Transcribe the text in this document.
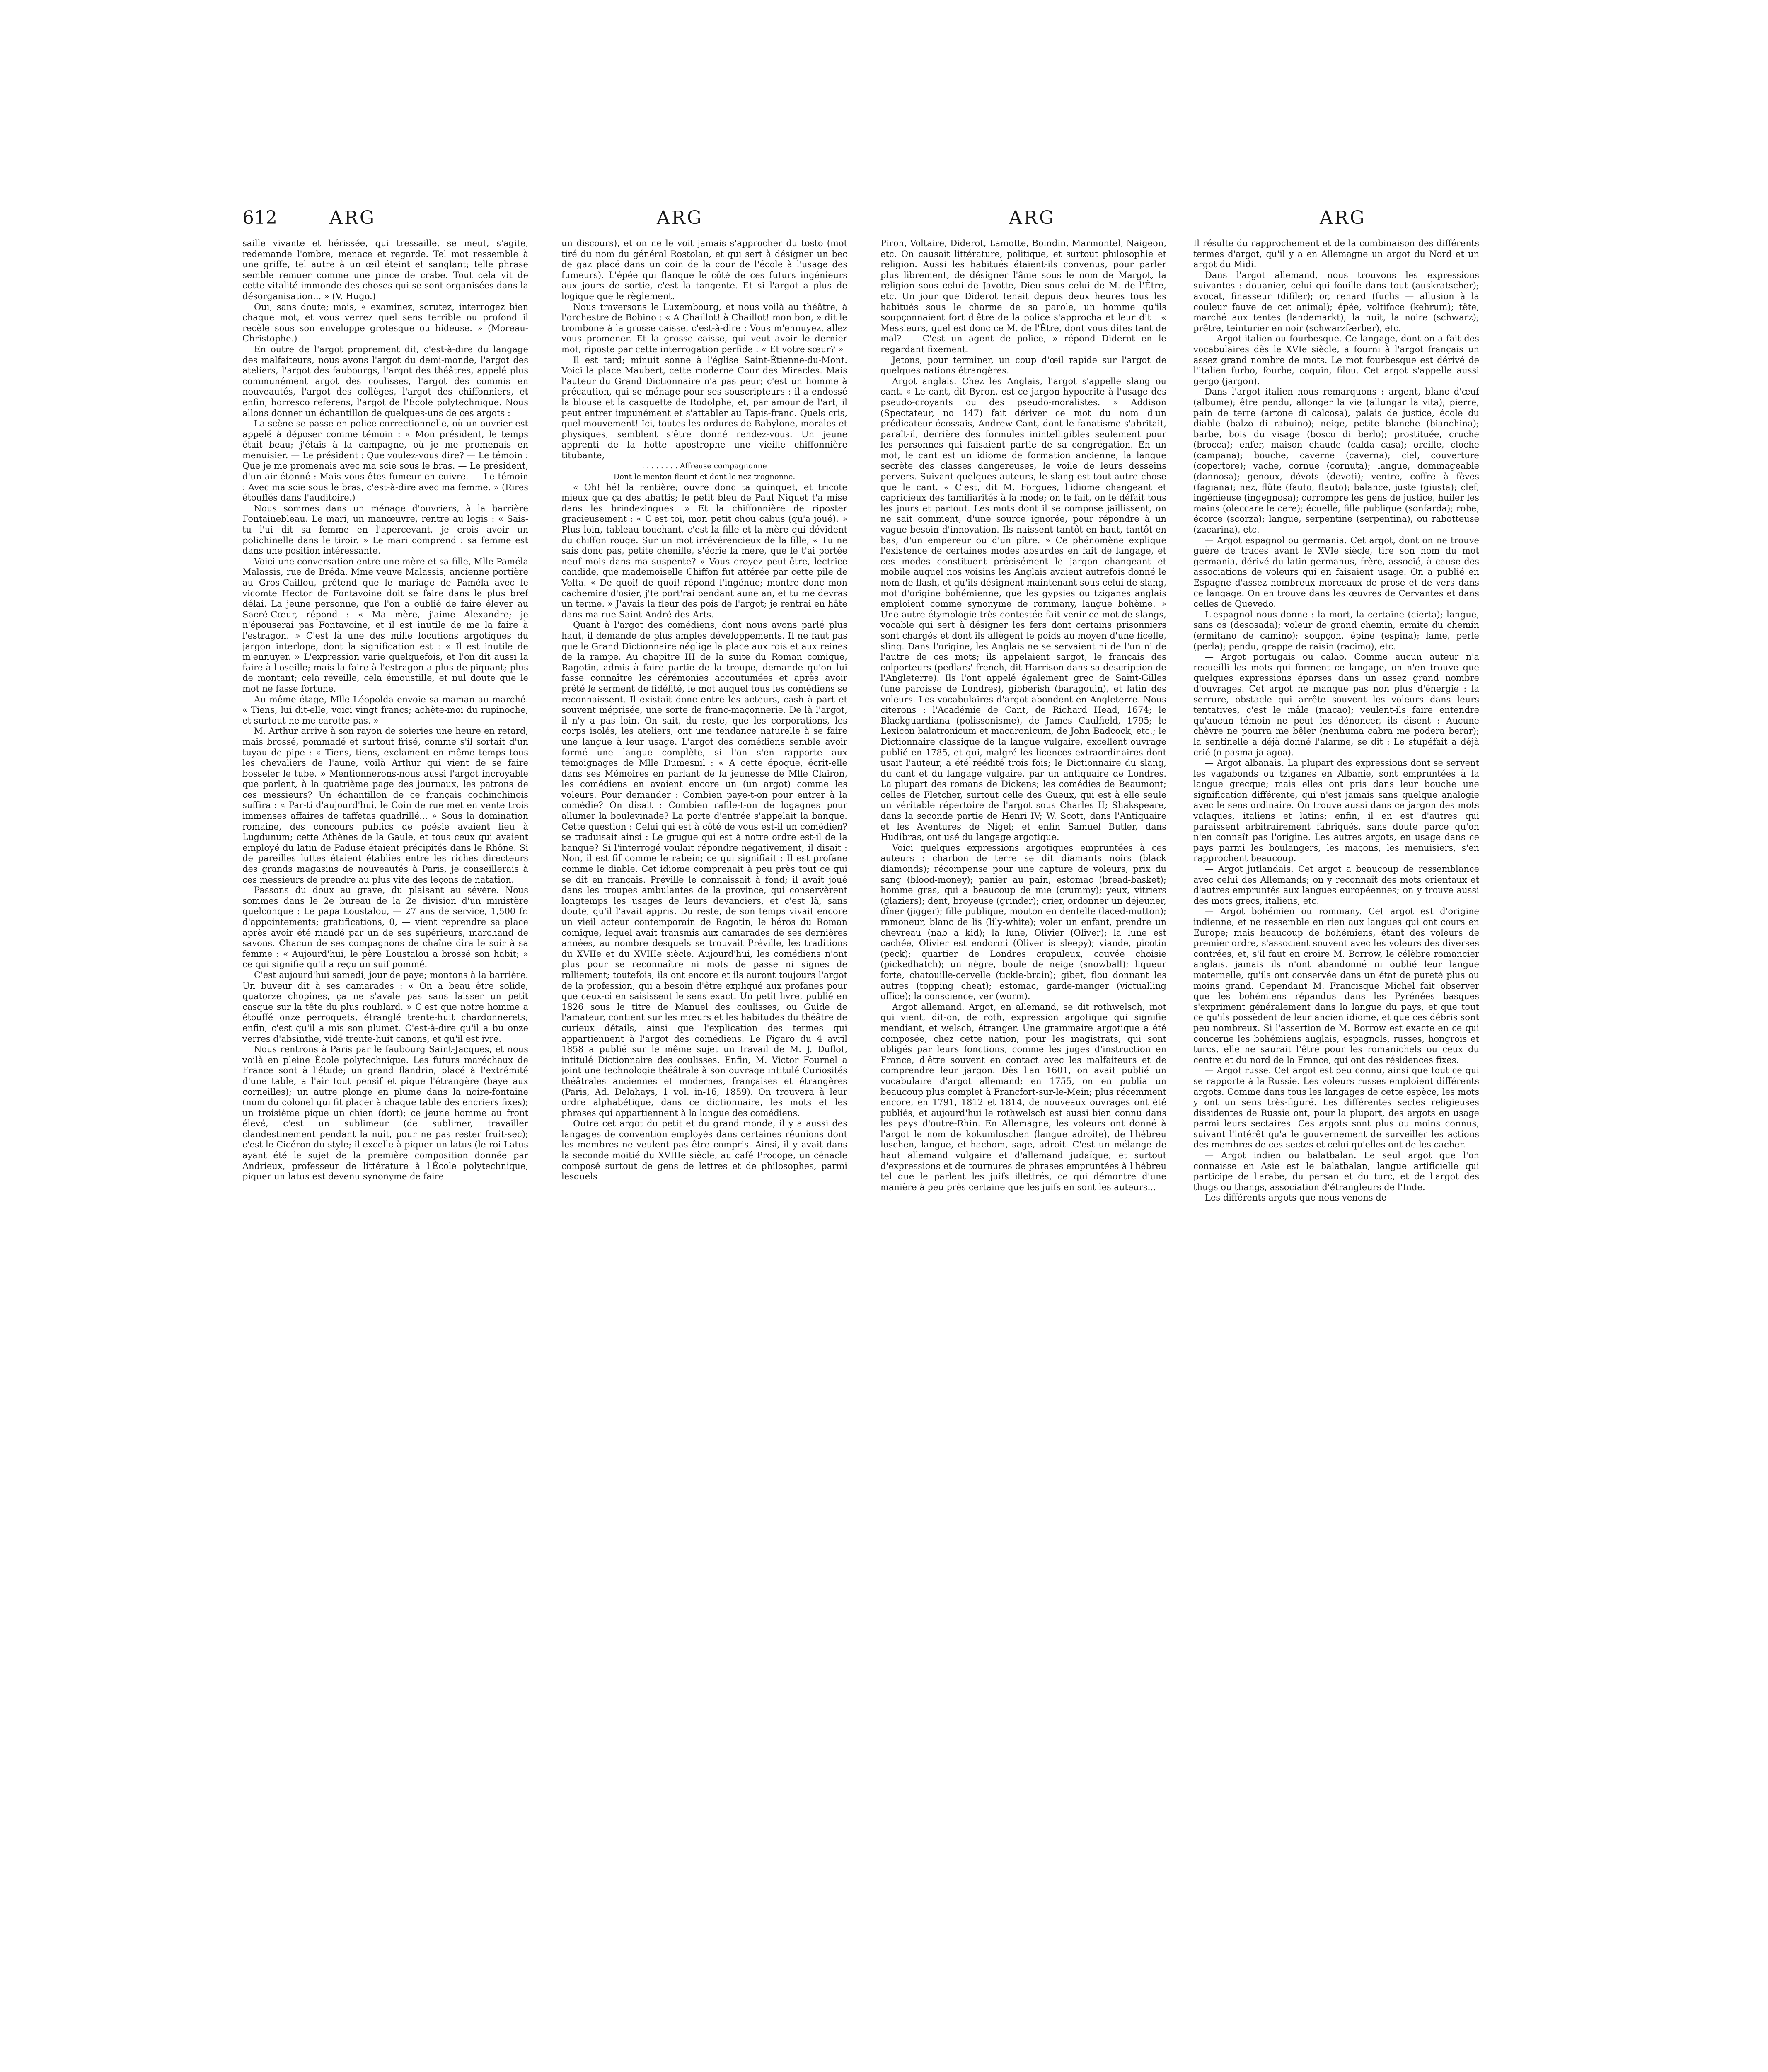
612	ARG	ARG	ARG	ARG

saille vivante et hérissée, qui tressaille, se meut, s'agite, redemande l'ombre, menace et regarde. Tel mot ressemble à une griffe, tel autre à un œil éteint et sanglant; telle phrase semble remuer comme une pince de crabe. Tout cela vit de cette vitalité immonde des choses qui se sont organisées dans la désorganisation... » (V. Hugo.)

Oui, sans doute; mais, « examinez, scrutez, interrogez bien chaque mot, et vous verrez quel sens terrible ou profond il recèle sous son enveloppe grotesque ou hideuse. » (Moreau-Christophe.)

En outre de l'argot proprement dit, c'est-à-dire du langage des malfaiteurs, nous avons l'argot du demi-monde, l'argot des ateliers, l'argot des faubourgs, l'argot des théâtres, appelé plus communément argot des coulisses, l'argot des commis en nouveautés, l'argot des collèges, l'argot des chiffonniers, et enfin, horresco referens, l'argot de l'École polytechnique. Nous allons donner un échantillon de quelques-uns de ces argots :

La scène se passe en police correctionnelle, où un ouvrier est appelé à déposer comme témoin : « Mon président, le temps était beau; j'étais à la campagne, où je me promenais en menuisier. — Le président : Que voulez-vous dire? — Le témoin : Que je me promenais avec ma scie sous le bras. — Le président, d'un air étonné : Mais vous êtes fumeur en cuivre. — Le témoin : Avec ma scie sous le bras, c'est-à-dire avec ma femme. » (Rires étouffés dans l'auditoire.)

Nous sommes dans un ménage d'ouvriers, à la barrière Fontainebleau. Le mari, un manœuvre, rentre au logis : « Sais-tu l'ui dit sa femme en l'apercevant, je crois avoir un polichinelle dans le tiroir. » Le mari comprend : sa femme est dans une position intéressante.

Voici une conversation entre une mère et sa fille, Mlle Paméla Malassis, rue de Bréda. Mme veuve Malassis, ancienne portière au Gros-Caillou, prétend que le mariage de Paméla avec le vicomte Hector de Fontavoine doit se faire dans le plus bref délai. La jeune personne, que l'on a oublié de faire élever au Sacré-Cœur, répond : « Ma mère, j'aime Alexandre; je n'épouserai pas Fontavoine, et il est inutile de me la faire à l'estragon. » C'est là une des mille locutions argotiques du jargon interlope, dont la signification est : « Il est inutile de m'ennuyer. » L'expression varie quelquefois, et l'on dit aussi la faire à l'oseille; mais la faire à l'estragon a plus de piquant; plus de montant; cela réveille, cela émoustille, et nul doute que le mot ne fasse fortune.

Au même étage, Mlle Léopolda envoie sa maman au marché. « Tiens, lui dit-elle, voici vingt francs; achète-moi du rupinoche, et surtout ne me carotte pas. »

M. Arthur arrive à son rayon de soieries une heure en retard, mais brossé, pommadé et surtout frisé, comme s'il sortait d'un tuyau de pipe : « Tiens, tiens, exclament en même temps tous les chevaliers de l'aune, voilà Arthur qui vient de se faire bosseler le tube. » Mentionnerons-nous aussi l'argot incroyable que parlent, à la quatrième page des journaux, les patrons de ces messieurs? Un échantillon de ce français cochinchinois suffira : « Par-ti d'aujourd'hui, le Coin de rue met en vente trois immenses affaires de taffetas quadrillé... » Sous la domination romaine, des concours publics de poésie avaient lieu à Lugdunum; cette Athènes de la Gaule, et tous ceux qui avaient employé du latin de Paduse étaient précipités dans le Rhône. Si de pareilles luttes étaient établies entre les riches directeurs des grands magasins de nouveautés à Paris, je conseillerais à ces messieurs de prendre au plus vite des leçons de natation.

Passons du doux au grave, du plaisant au sévère. Nous sommes dans le 2e bureau de la 2e division d'un ministère quelconque : Le papa Loustalou, — 27 ans de service, 1,500 fr. d'appointements; gratifications, 0, — vient reprendre sa place après avoir été mandé par un de ses supérieurs, marchand de savons. Chacun de ses compagnons de chaîne dira le soir à sa femme : « Aujourd'hui, le père Loustalou a brossé son habit; » ce qui signifie qu'il a reçu un suif pommé.

C'est aujourd'hui samedi, jour de paye; montons à la barrière. Un buveur dit à ses camarades : « On a beau être solide, quatorze chopines, ça ne s'avale pas sans laisser un petit casque sur la tête du plus roublard. » C'est que notre homme a étouffé onze perroquets, étranglé trente-huit chardonnerets; enfin, c'est qu'il a mis son plumet. C'est-à-dire qu'il a bu onze verres d'absinthe, vidé trente-huit canons, et qu'il est ivre.

Nous rentrons à Paris par le faubourg Saint-Jacques, et nous voilà en pleine École polytechnique. Les futurs maréchaux de France sont à l'étude; un grand flandrin, placé à l'extrémité d'une table, a l'air tout pensif et pique l'étrangère (baye aux corneilles); un autre plonge en plume dans la noire-fontaine (nom du colonel qui fit placer à chaque table des encriers fixes); un troisième pique un chien (dort); ce jeune homme au front élevé, c'est un sublimeur (de sublimer, travailler clandestinement pendant la nuit, pour ne pas rester fruit-sec); c'est le Cicéron du style; il excelle à piquer un latus (le roi Latus ayant été le sujet de la première composition donnée par Andrieux, professeur de littérature à l'École polytechnique, piquer un latus est devenu synonyme de faire

un discours), et on ne le voit jamais s'approcher du tosto (mot tiré du nom du général Rostolan, et qui sert à désigner un bec de gaz placé dans un coin de la cour de l'école à l'usage des fumeurs). L'épée qui flanque le côté de ces futurs ingénieurs aux jours de sortie, c'est la tangente. Et si l'argot a plus de logique que le règlement.

Nous traversons le Luxembourg, et nous voilà au théâtre, à l'orchestre de Bobino : « A Chaillot! à Chaillot! mon bon, » dit le trombone à la grosse caisse, c'est-à-dire : Vous m'ennuyez, allez vous promener. Et la grosse caisse, qui veut avoir le dernier mot, riposte par cette interrogation perfide : « Et votre sœur? »

Il est tard; minuit sonne à l'église Saint-Étienne-du-Mont. Voici la place Maubert, cette moderne Cour des Miracles. Mais l'auteur du Grand Dictionnaire n'a pas peur; c'est un homme à précaution, qui se ménage pour ses souscripteurs : il a endossé la blouse et la casquette de Rodolphe, et, par amour de l'art, il peut entrer impunément et s'attabler au Tapis-franc. Quels cris, quel mouvement! Ici, toutes les ordures de Babylone, morales et physiques, semblent s'être donné rendez-vous. Un jeune apprenti de la hotte apostrophe une vieille chiffonnière titubante,

. . . . . . . . Affreuse compagnonne

Dont le menton fleurit et dont le nez trognonne.

« Oh! hé! la rentière; ouvre donc ta quinquet, et tricote mieux que ça des abattis; le petit bleu de Paul Niquet t'a mise dans les brindezingues. » Et la chiffonnière de riposter gracieusement : « C'est toi, mon petit chou cabus (qu'a joué). » Plus loin, tableau touchant, c'est la fille et la mère qui dévident du chiffon rouge. Sur un mot irrévérencieux de la fille, « Tu ne sais donc pas, petite chenille, s'écrie la mère, que le t'ai portée neuf mois dans ma suspente? » Vous croyez peut-être, lectrice candide, que mademoiselle Chiffon fut attérée par cette pile de Volta. « De quoi! de quoi! répond l'ingénue; montre donc mon cachemire d'osier, j'te port'rai pendant aune an, et tu me devras un terme. » J'avais la fleur des pois de l'argot; je rentrai en hâte dans ma rue Saint-André-des-Arts.

Quant à l'argot des comédiens, dont nous avons parlé plus haut, il demande de plus amples développements. Il ne faut pas que le Grand Dictionnaire néglige la place aux rois et aux reines de la rampe. Au chapitre III de la suite du Roman comique, Ragotin, admis à faire partie de la troupe, demande qu'on lui fasse connaître les cérémonies accoutumées et après avoir prêté le serment de fidélité, le mot auquel tous les comédiens se reconnaissent. Il existait donc entre les acteurs, cash à part et souvent méprisée, une sorte de franc-maçonnerie. De là l'argot, il n'y a pas loin. On sait, du reste, que les corporations, les corps isolés, les ateliers, ont une tendance naturelle à se faire une langue à leur usage. L'argot des comédiens semble avoir formé une langue complète, si l'on s'en rapporte aux témoignages de Mlle Dumesnil : « A cette époque, écrit-elle dans ses Mémoires en parlant de la jeunesse de Mlle Clairon, les comédiens en avaient encore un (un argot) comme les voleurs. Pour demander : Combien paye-t-on pour entrer à la comédie? On disait : Combien rafile-t-on de logagnes pour allumer la boulevinade? La porte d'entrée s'appelait la banque. Cette question : Celui qui est à côté de vous est-il un comédien? se traduisait ainsi : Le grugue qui est à notre ordre est-il de la banque? Si l'interrogé voulait répondre négativement, il disait : Non, il est fif comme le rabein; ce qui signifiait : Il est profane comme le diable. Cet idiome comprenait à peu près tout ce qui se dit en français. Préville le connaissait à fond; il avait joué dans les troupes ambulantes de la province, qui conservèrent longtemps les usages de leurs devanciers, et c'est là, sans doute, qu'il l'avait appris. Du reste, de son temps vivait encore un vieil acteur contemporain de Ragotin, le héros du Roman comique, lequel avait transmis aux camarades de ses dernières années, au nombre desquels se trouvait Préville, les traditions du XVIIe et du XVIIIe siècle. Aujourd'hui, les comédiens n'ont plus pour se reconnaître ni mots de passe ni signes de ralliement; toutefois, ils ont encore et ils auront toujours l'argot de la profession, qui a besoin d'être expliqué aux profanes pour que ceux-ci en saisissent le sens exact. Un petit livre, publié en 1826 sous le titre de Manuel des coulisses, ou Guide de l'amateur, contient sur les mœurs et les habitudes du théâtre de curieux détails, ainsi que l'explication des termes qui appartiennent à l'argot des comédiens. Le Figaro du 4 avril 1858 a publié sur le même sujet un travail de M. J. Duflot, intitulé Dictionnaire des coulisses. Enfin, M. Victor Fournel a joint une technologie théâtrale à son ouvrage intitulé Curiosités théâtrales anciennes et modernes, françaises et étrangères (Paris, Ad. Delahays, 1 vol. in-16, 1859). On trouvera à leur ordre alphabétique, dans ce dictionnaire, les mots et les phrases qui appartiennent à la langue des comédiens.

Outre cet argot du petit et du grand monde, il y a aussi des langages de convention employés dans certaines réunions dont les membres ne veulent pas être compris. Ainsi, il y avait dans la seconde moitié du XVIIIe siècle, au café Procope, un cénacle composé surtout de gens de lettres et de philosophes, parmi lesquels

Piron, Voltaire, Diderot, Lamotte, Boindin, Marmontel, Naigeon, etc. On causait littérature, politique, et surtout philosophie et religion. Aussi les habitués étaient-ils convenus, pour parler plus librement, de désigner l'âme sous le nom de Margot, la religion sous celui de Javotte, Dieu sous celui de M. de l'Être, etc. Un jour que Diderot tenait depuis deux heures tous les habitués sous le charme de sa parole, un homme qu'ils soupçonnaient fort d'être de la police s'approcha et leur dit : « Messieurs, quel est donc ce M. de l'Être, dont vous dites tant de mal? — C'est un agent de police, » répond Diderot en le regardant fixement.

Jetons, pour terminer, un coup d'œil rapide sur l'argot de quelques nations étrangères.

Argot anglais. Chez les Anglais, l'argot s'appelle slang ou cant. « Le cant, dit Byron, est ce jargon hypocrite à l'usage des pseudo-croyants ou des pseudo-moralistes. » Addison (Spectateur, no 147) fait dériver ce mot du nom d'un prédicateur écossais, Andrew Cant, dont le fanatisme s'abritait, paraît-il, derrière des formules inintelligibles seulement pour les personnes qui faisaient partie de sa congrégation. En un mot, le cant est un idiome de formation ancienne, la langue secrète des classes dangereuses, le voile de leurs desseins pervers. Suivant quelques auteurs, le slang est tout autre chose que le cant. « C'est, dit M. Forgues, l'idiome changeant et capricieux des familiarités à la mode; on le fait, on le défait tous les jours et partout. Les mots dont il se compose jaillissent, on ne sait comment, d'une source ignorée, pour répondre à un vague besoin d'innovation. Ils naissent tantôt en haut, tantôt en bas, d'un empereur ou d'un pître. » Ce phénomène explique l'existence de certaines modes absurdes en fait de langage, et ces modes constituent précisément le jargon changeant et mobile auquel nos voisins les Anglais avaient autrefois donné le nom de flash, et qu'ils désignent maintenant sous celui de slang, mot d'origine bohémienne, que les gypsies ou tziganes anglais emploient comme synonyme de rommany, langue bohème. » Une autre étymologie très-contestée fait venir ce mot de slangs, vocable qui sert à désigner les fers dont certains prisonniers sont chargés et dont ils allègent le poids au moyen d'une ficelle, sling. Dans l'origine, les Anglais ne se servaient ni de l'un ni de l'autre de ces mots; ils appelaient sargot, le français des colporteurs (pedlars' french, dit Harrison dans sa description de l'Angleterre). Ils l'ont appelé également grec de Saint-Gilles (une paroisse de Londres), gibberish (baragouin), et latin des voleurs. Les vocabulaires d'argot abondent en Angleterre. Nous citerons : l'Académie de Cant, de Richard Head, 1674; le Blackguardiana (polissonisme), de James Caulfield, 1795; le Lexicon balatronicum et macaronicum, de John Badcock, etc.; le Dictionnaire classique de la langue vulgaire, excellent ouvrage publié en 1785, et qui, malgré les licences extraordinaires dont usait l'auteur, a été réédité trois fois; le Dictionnaire du slang, du cant et du langage vulgaire, par un antiquaire de Londres. La plupart des romans de Dickens; les comédies de Beaumont; celles de Fletcher, surtout celle des Gueux, qui est à elle seule un véritable répertoire de l'argot sous Charles II; Shakspeare, dans la seconde partie de Henri IV; W. Scott, dans l'Antiquaire et les Aventures de Nigel; et enfin Samuel Butler, dans Hudibras, ont usé du langage argotique.

Voici quelques expressions argotiques empruntées à ces auteurs : charbon de terre se dit diamants noirs (black diamonds); récompense pour une capture de voleurs, prix du sang (blood-money); panier au pain, estomac (bread-basket); homme gras, qui a beaucoup de mie (crummy); yeux, vitriers (glaziers); dent, broyeuse (grinder); crier, ordonner un déjeuner, dîner (jigger); fille publique, mouton en dentelle (laced-mutton); ramoneur, blanc de lis (lily-white); voler un enfant, prendre un chevreau (nab a kid); la lune, Olivier (Oliver); la lune est cachée, Olivier est endormi (Oliver is sleepy); viande, picotin (peck); quartier de Londres crapuleux, couvée choisie (pickedhatch); un nègre, boule de neige (snowball); liqueur forte, chatouille-cervelle (tickle-brain); gibet, flou donnant les autres (topping cheat); estomac, garde-manger (victualling office); la conscience, ver (worm).

Argot allemand. Argot, en allemand, se dit rothwelsch, mot qui vient, dit-on, de roth, expression argotique qui signifie mendiant, et welsch, étranger. Une grammaire argotique a été composée, chez cette nation, pour les magistrats, qui sont obligés par leurs fonctions, comme les juges d'instruction en France, d'être souvent en contact avec les malfaiteurs et de comprendre leur jargon. Dès l'an 1601, on avait publié un vocabulaire d'argot allemand; en 1755, on en publia un beaucoup plus complet à Francfort-sur-le-Mein; plus récemment encore, en 1791, 1812 et 1814, de nouveaux ouvrages ont été publiés, et aujourd'hui le rothwelsch est aussi bien connu dans les pays d'outre-Rhin. En Allemagne, les voleurs ont donné à l'argot le nom de kokumloschen (langue adroite), de l'hébreu loschen, langue, et hachom, sage, adroit. C'est un mélange de haut allemand vulgaire et d'allemand judaïque, et surtout d'expressions et de tournures de phrases empruntées à l'hébreu tel que le parlent les juifs illettrés, ce qui démontre d'une manière à peu près certaine que les juifs en sont les auteurs...

Il résulte du rapprochement et de la combinaison des différents termes d'argot, qu'il y a en Allemagne un argot du Nord et un argot du Midi.

Dans l'argot allemand, nous trouvons les expressions suivantes : douanier, celui qui fouille dans tout (auskratscher); avocat, finasseur (difiler); or, renard (fuchs — allusion à la couleur fauve de cet animal); épée, voltiface (kehrum); tête, marché aux tentes (landemarkt); la nuit, la noire (schwarz); prêtre, teinturier en noir (schwarzfærber), etc.

— Argot italien ou fourbesque. Ce langage, dont on a fait des vocabulaires dès le XVIe siècle, a fourni à l'argot français un assez grand nombre de mots. Le mot fourbesque est dérivé de l'italien furbo, fourbe, coquin, filou. Cet argot s'appelle aussi gergo (jargon).

Dans l'argot italien nous remarquons : argent, blanc d'œuf (albume); être pendu, allonger la vie (allungar la vita); pierre, pain de terre (artone di calcosa), palais de justice, école du diable (balzo di rabuino); neige, petite blanche (bianchina); barbe, bois du visage (bosco di berlo); prostituée, cruche (brocca); enfer, maison chaude (calda casa); oreille, cloche (campana); bouche, caverne (caverna); ciel, couverture (copertore); vache, cornue (cornuta); langue, dommageable (dannosa); genoux, dévots (devoti); ventre, coffre à fèves (fagiana); nez, flûte (fauto, flauto); balance, juste (giusta); clef, ingénieuse (ingegnosa); corrompre les gens de justice, huiler les mains (oleccare le cere); écuelle, fille publique (sonfarda); robe, écorce (scorza); langue, serpentine (serpentina), ou rabotteuse (zacarina), etc.

— Argot espagnol ou germania. Cet argot, dont on ne trouve guère de traces avant le XVIe siècle, tire son nom du mot germania, dérivé du latin germanus, frère, associé, à cause des associations de voleurs qui en faisaient usage. On a publié en Espagne d'assez nombreux morceaux de prose et de vers dans ce langage. On en trouve dans les œuvres de Cervantes et dans celles de Quevedo.

L'espagnol nous donne : la mort, la certaine (cierta); langue, sans os (desosada); voleur de grand chemin, ermite du chemin (ermitano de camino); soupçon, épine (espina); lame, perle (perla); pendu, grappe de raisin (racimo), etc.

— Argot portugais ou calao. Comme aucun auteur n'a recueilli les mots qui forment ce langage, on n'en trouve que quelques expressions éparses dans un assez grand nombre d'ouvrages. Cet argot ne manque pas non plus d'énergie : la serrure, obstacle qui arrête souvent les voleurs dans leurs tentatives, c'est le mâle (macao); veulent-ils faire entendre qu'aucun témoin ne peut les dénoncer, ils disent : Aucune chèvre ne pourra me bêler (nenhuma cabra me podera berar); la sentinelle a déjà donné l'alarme, se dit : Le stupéfait a déjà crié (o pasma ja agoa).

— Argot albanais. La plupart des expressions dont se servent les vagabonds ou tziganes en Albanie, sont empruntées à la langue grecque; mais elles ont pris dans leur bouche une signification différente, qui n'est jamais sans quelque analogie avec le sens ordinaire. On trouve aussi dans ce jargon des mots valaques, italiens et latins; enfin, il en est d'autres qui paraissent arbitrairement fabriqués, sans doute parce qu'on n'en connaît pas l'origine. Les autres argots, en usage dans ce pays parmi les boulangers, les maçons, les menuisiers, s'en rapprochent beaucoup.

— Argot jutlandais. Cet argot a beaucoup de ressemblance avec celui des Allemands; on y reconnaît des mots orientaux et d'autres empruntés aux langues européennes; on y trouve aussi des mots grecs, italiens, etc.

— Argot bohémien ou rommany. Cet argot est d'origine indienne, et ne ressemble en rien aux langues qui ont cours en Europe; mais beaucoup de bohémiens, étant des voleurs de premier ordre, s'associent souvent avec les voleurs des diverses contrées, et, s'il faut en croire M. Borrow, le célèbre romancier anglais, jamais ils n'ont abandonné ni oublié leur langue maternelle, qu'ils ont conservée dans un état de pureté plus ou moins grand. Cependant M. Francisque Michel fait observer que les bohémiens répandus dans les Pyrénées basques s'expriment généralement dans la langue du pays, et que tout ce qu'ils possèdent de leur ancien idiome, et que ces débris sont peu nombreux. Si l'assertion de M. Borrow est exacte en ce qui concerne les bohémiens anglais, espagnols, russes, hongrois et turcs, elle ne saurait l'être pour les romanichels ou ceux du centre et du nord de la France, qui ont des résidences fixes.

— Argot russe. Cet argot est peu connu, ainsi que tout ce qui se rapporte à la Russie. Les voleurs russes emploient différents argots. Comme dans tous les langages de cette espèce, les mots y ont un sens très-figuré. Les différentes sectes religieuses dissidentes de Russie ont, pour la plupart, des argots en usage parmi leurs sectaires. Ces argots sont plus ou moins connus, suivant l'intérêt qu'a le gouvernement de surveiller les actions des membres de ces sectes et celui qu'elles ont de les cacher.

— Argot indien ou balatbalan. Le seul argot que l'on connaisse en Asie est le balatbalan, langue artificielle qui participe de l'arabe, du persan et du turc, et de l'argot des thugs ou thangs, association d'étrangleurs de l'Inde.

Les différents argots que nous venons de
